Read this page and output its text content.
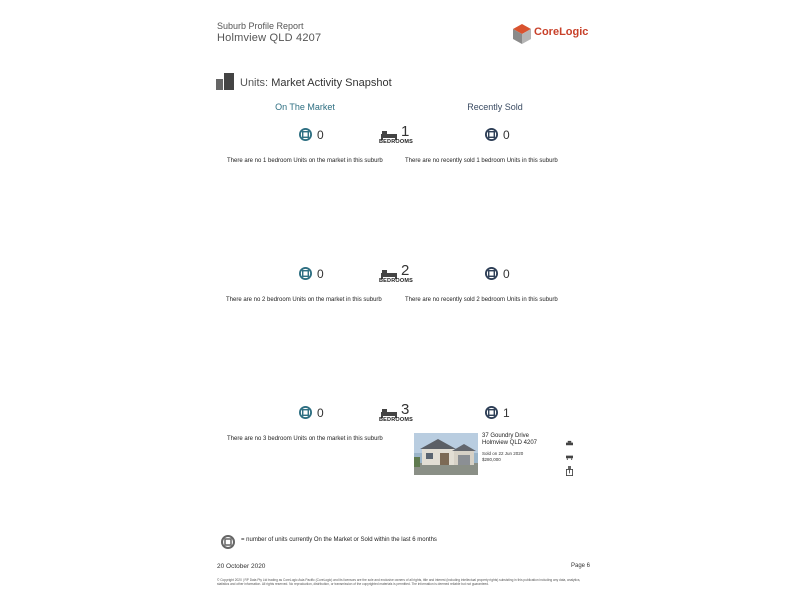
Suburb Profile Report
Holmview QLD 4207	CoreLogic
Units: Market Activity Snapshot
On The Market	Recently Sold
0	1
BEDROOMS	0
There are no 1 bedroom Units on the market in this suburb	There are no recently sold 1 bedroom Units in this suburb
0	2
BEDROOMS	0
There are no 2 bedroom Units on the market in this suburb	There are no recently sold 2 bedroom Units in this suburb
0	3
BEDROOMS	1
There are no 3 bedroom Units on the market in this suburb	37 Goundry Drive
Holmview QLD 4207
Sold on 22 Jun 2020
$280,000
= number of units currently On the Market or Sold within the last 6 months
20 October 2020	Page 6
© Copyright 2020 | RP Data Pty Ltd trading as CoreLogic Asia Pacific (CoreLogic) and its licensors are the sole and exclusive owners of all rights, title and interest (including intellectual property rights) subsisting in this publication including any data, analytics, statistics and other information. All rights reserved. No reproduction, distribution, or transmission of the copyrighted materials is permitted. The information is deemed reliable but not guaranteed.
